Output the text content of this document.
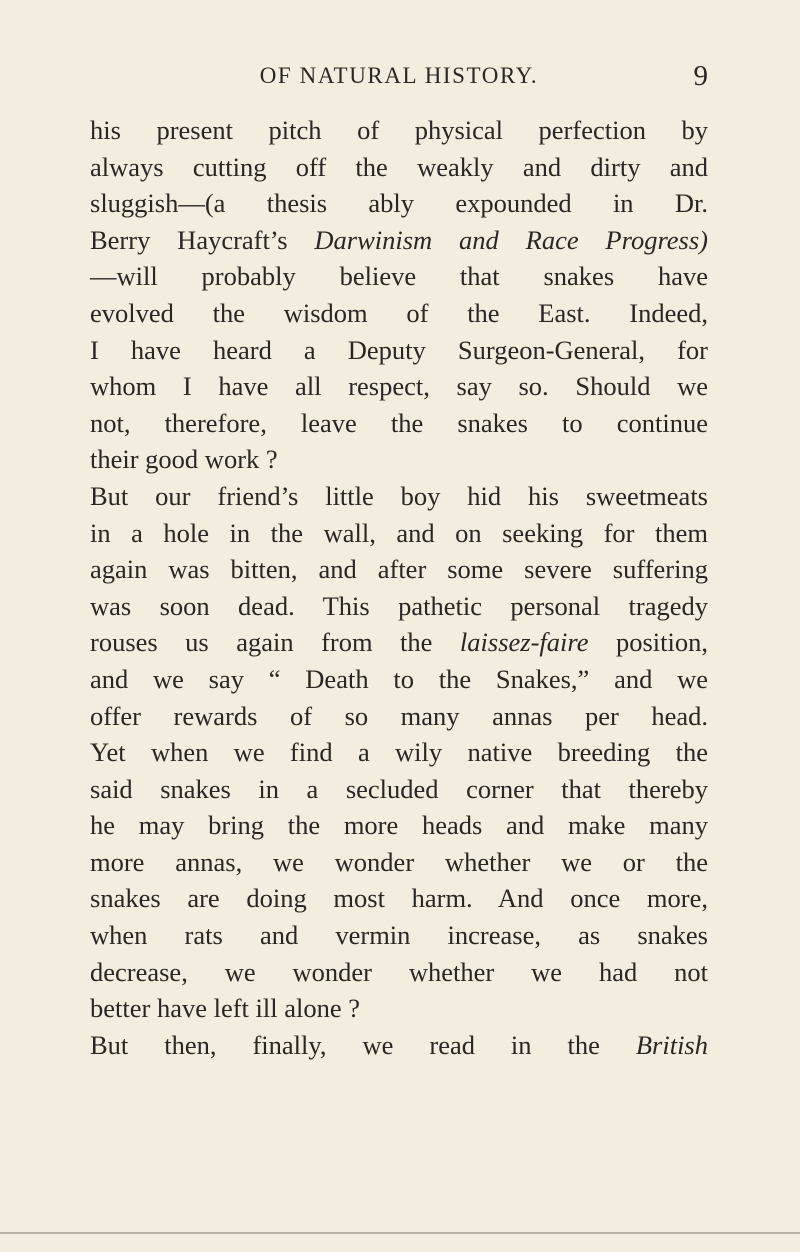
OF NATURAL HISTORY.	9
his present pitch of physical perfection by
always cutting off the weakly and dirty and
sluggish—(a thesis ably expounded in Dr.
Berry Haycraft’s Darwinism and Race Progress)
—will probably believe that snakes have
evolved the wisdom of the East. Indeed,
I have heard a Deputy Surgeon-General, for
whom I have all respect, say so. Should we
not, therefore, leave the snakes to continue
their good work ?
But our friend’s little boy hid his sweetmeats
in a hole in the wall, and on seeking for them
again was bitten, and after some severe suffering
was soon dead. This pathetic personal tragedy
rouses us again from the laissez-faire position,
and we say “ Death to the Snakes,” and we
offer rewards of so many annas per head.
Yet when we find a wily native breeding the
said snakes in a secluded corner that thereby
he may bring the more heads and make many
more annas, we wonder whether we or the
snakes are doing most harm. And once more,
when rats and vermin increase, as snakes
decrease, we wonder whether we had not
better have left ill alone ?
But then, finally, we read in the British
